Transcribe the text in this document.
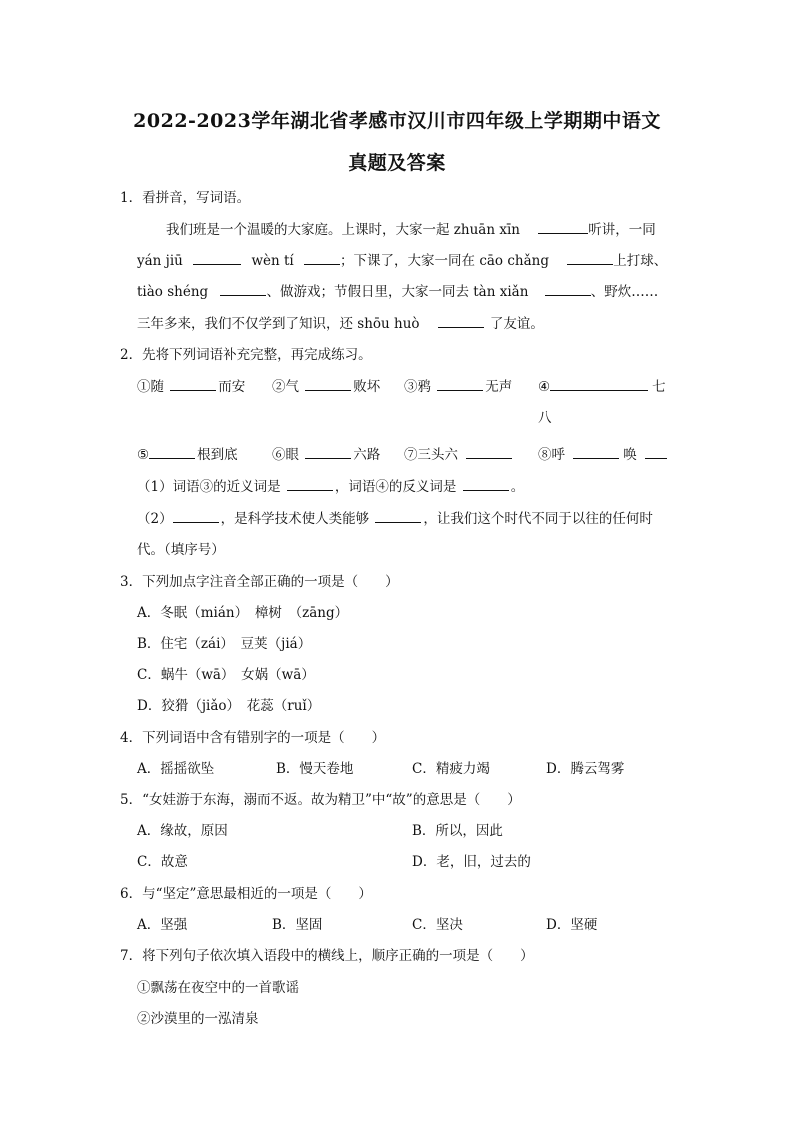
2022-2023学年湖北省孝感市汉川市四年级上学期期中语文
真题及答案
1．看拼音，写词语。
我们班是一个温暖的大家庭。上课时，大家一起 zhuān xīn	听讲，一同
yán jiū	wèn tí	；下课了，大家一同在 cāo chǎng	上打球、
tiào shéng	、做游戏；节假日里，大家一同去 tàn xiǎn	、野炊……
三年多来，我们不仅学到了知识，还 shōu huò	了友谊。
2．先将下列词语补充完整，再完成练习。
①随	而安 ②气	败坏 ③鸦	无声 ④	七
八
⑤	根到底	⑥眼	六路 ⑦三头六	⑧呼	唤
（1）词语③的近义词是	，词语④的反义词是	。
（2）	，是科学技术使人类能够	，让我们这个时代不同于以往的任何时
代。（填序号）
3．下列加点字注音全部正确的一项是（　　）
A．冬眠（mián）　樟树　（zāng）
B．住宅（zái）　豆荚（jiá）
C．蜗牛（wā）　女娲（wā）
D．狡猾（jiǎo）　花蕊（ruǐ）
4．下列词语中含有错别字的一项是（　　）
A．摇摇欲坠	B．慢天卷地	C．精疲力竭	D．腾云驾雾
5．“女娃游于东海，溺而不返。故为精卫”中“故”的意思是（　　）
A．缘故，原因	B．所以，因此
C．故意	D．老，旧，过去的
6．与“坚定”意思最相近的一项是（　　）
A．坚强	B．坚固	C．坚决	D．坚硬
7．将下列句子依次填入语段中的横线上，顺序正确的一项是（　　）
①飘荡在夜空中的一首歌谣
②沙漠里的一泓清泉
